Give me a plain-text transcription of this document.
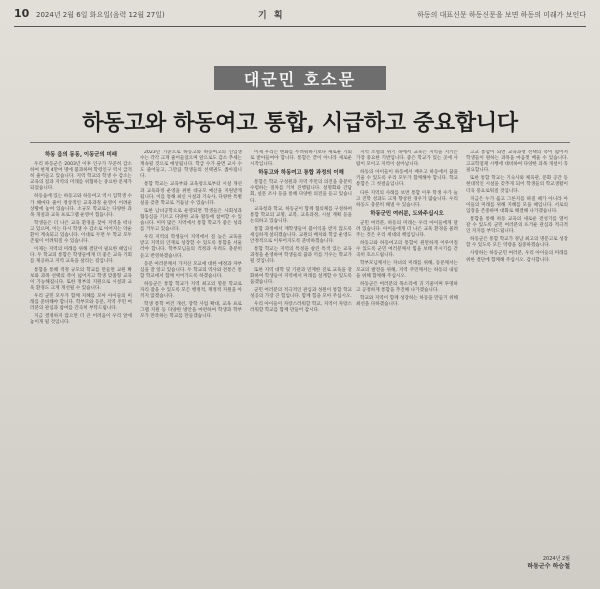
10 2024년 2월 6일 화요일(음력 12월 27일)	기 획	하동의 대표신문 하동신문을 보면 하동의 미래가 보인다
대군민 호소문
하동고와 하동여고 통합, 시급하고 중요합니다
하동 읍의 동동, 이동군의 미래

우리 하동군은 2003년 이후 인구가 꾸준히 감소하여 현재 4만여 명에 불과하며 학령인구 역시 급격히 줄어들고 있습니다. 지역 학교의 학생 수 감소는 교육의 질과 지역의 미래를 위협하는 중요한 문제가 되었습니다.

하동읍에 있는 하동고와 하동여고 역시 입학생 수가 해마다 줄어 정상적인 교육과정 운영이 어려운 상황에 놓여 있습니다. 소규모 학교로는 다양한 과목 개설과 교육 프로그램 운영이 힘듭니다.

학생들은 더 나은 교육 환경을 찾아 지역을 떠나고 있으며, 이는 다시 학생 수 감소로 이어지는 악순환이 계속되고 있습니다. 이대로 두면 두 학교 모두 존립이 어려워질 수 있습니다.

이제는 지역의 미래를 위해 결단이 필요한 때입니다. 두 학교의 통합은 학생들에게 더 좋은 교육 기회를 제공하고 지역 교육을 살리는 길입니다.

통합을 통해 적정 규모의 학교를 만들면 교원 확보와 과목 선택의 폭이 넓어지고 학생 맞춤형 교육이 가능해집니다. 또한 정부의 지원으로 시설과 교육 환경도 크게 개선될 수 있습니다.

우리 군민 모두가 함께 지혜를 모아 아이들의 미래를 준비해야 합니다. 학부모와 동문, 지역 주민 여러분의 관심과 참여를 간곡히 부탁드립니다.

지금 결정하지 않으면 더 큰 어려움이 우리 앞에 놓이게 될 것입니다.

2023년 기준으로 하동고와 하동여고의 신입생 수는 각각 크게 줄어들었으며 앞으로도 감소 추세는 계속될 것으로 예상됩니다. 학급 수가 줄면 교사 수도 줄어들고, 그만큼 학생들의 선택권도 좁아집니다.

통합 학교는 교육부와 교육청으로부터 시설 개선과 교육과정 운영을 위한 대규모 예산을 지원받게 됩니다. 이를 통해 최신 시설과 기숙사, 다양한 특별실을 갖춘 학교로 거듭날 수 있습니다.

또한 남녀공학으로 운영되면 학생들은 사회성과 협동심을 기르고 다양한 교육 활동에 참여할 수 있습니다. 이미 많은 지역에서 통합 학교가 좋은 성과를 거두고 있습니다.

우리 지역의 학생들이 지역에서 질 높은 교육을 받고 지역의 인재로 성장할 수 있도록 통합을 서둘러야 합니다. 학부모님들의 걱정과 우려도 충분히 듣고 반영하겠습니다.

동문 여러분께서 가지신 모교에 대한 애정과 자부심을 잘 알고 있습니다. 두 학교의 역사와 전통은 통합 학교에서 함께 이어가도록 하겠습니다.

하동군은 통합 학교가 지역 최고의 명문 학교로 자리 잡을 수 있도록 모든 행정적, 재정적 지원을 아끼지 않겠습니다.

학생 통학 여건 개선, 장학 사업 확대, 교육 프로그램 지원 등 다양한 방안을 마련하여 학생과 학부모가 만족하는 학교를 만들겠습니다.

이제 우리는 변화를 두려워하기보다 새로운 기회로 받아들여야 합니다. 통합은 끝이 아니라 새로운 시작입니다.

하동고와 하동여고 통합 과정의 이해

통합은 학교 구성원과 지역 주민의 의견을 충분히 수렴하는 절차를 거쳐 진행됩니다. 설명회와 간담회, 설문 조사 등을 통해 다양한 의견을 듣고 있습니다.

교육청과 학교, 하동군이 함께 협의체를 구성하여 통합 학교의 교명, 교복, 교육과정, 시설 계획 등을 논의하고 있습니다.

통합 과정에서 재학생들이 불이익을 받지 않도록 세심하게 살피겠습니다. 교원의 배치와 학급 운영도 안정적으로 이루어지도록 준비하겠습니다.

통합 학교는 지역의 특성을 살린 특색 있는 교육과정을 운영하여 학생들의 꿈과 끼를 키우는 학교가 될 것입니다.

또한 지역 대학 및 기관과 연계한 진로 교육을 강화하여 학생들이 지역에서 미래를 설계할 수 있도록 돕겠습니다.

군민 여러분의 적극적인 관심과 성원이 통합 학교 성공의 가장 큰 힘입니다. 함께 힘을 모아 주십시오.

우리 아이들이 자랑스러워할 학교, 지역이 자랑스러워할 학교를 함께 만들어 갑시다.

지역 소멸의 위기 속에서 교육은 지역을 지키는 가장 중요한 기반입니다. 좋은 학교가 있는 곳에 사람이 모이고 지역이 살아납니다.

하동의 아이들이 하동에서 배우고 하동에서 꿈을 키울 수 있도록 우리 모두가 함께해야 합니다. 학교 통합은 그 첫걸음입니다.

다른 지역의 사례를 보면 통합 이후 학생 수가 늘고 진학 성과도 크게 향상된 경우가 많습니다. 우리 하동도 충분히 해낼 수 있습니다.

하동군민 여러분, 도와주십시오

군민 여러분, 하동의 미래는 우리 아이들에게 달려 있습니다. 아이들에게 더 나은 교육 환경을 물려주는 것은 우리 세대의 책임입니다.

하동고와 하동여고의 통합이 원만하게 이루어질 수 있도록 군민 여러분께서 힘을 보태 주시기를 간곡히 호소드립니다.

학부모님께서는 자녀의 미래를 위해, 동문께서는 모교의 발전을 위해, 지역 주민께서는 하동의 내일을 위해 함께해 주십시오.

하동군은 여러분의 목소리에 귀 기울이며 투명하고 공정하게 통합을 추진해 나가겠습니다.

학교와 지역이 함께 성장하는 하동을 만들기 위해 최선을 다하겠습니다.

고교 통합이 되면 교육과정 선택의 폭이 넓어져 학생들이 원하는 과목을 마음껏 배울 수 있습니다. 고교학점제 시행에 대비하여 다양한 과목 개설이 꼭 필요합니다.

또한 통합 학교는 기숙사와 체육관, 문화 공간 등 현대적인 시설을 갖추게 되어 학생들의 학교생활이 더욱 풍요로워질 것입니다.

지금은 누가 옳고 그른지를 따질 때가 아니라 아이들의 미래를 위해 지혜를 모을 때입니다. 서로의 입장을 존중하며 대화로 해결해 나가겠습니다.

통합을 통해 하동 교육의 새로운 전성기를 열어 갈 수 있도록 군민 여러분의 뜨거운 관심과 적극적인 지지를 부탁드립니다.

하동군은 통합 학교가 경남 최고의 명문고로 성장할 수 있도록 모든 역량을 집중하겠습니다.

사랑하는 하동군민 여러분, 우리 아이들의 미래를 위한 결단에 함께해 주십시오. 감사합니다.

2024년 2월
하동군수 하승철
